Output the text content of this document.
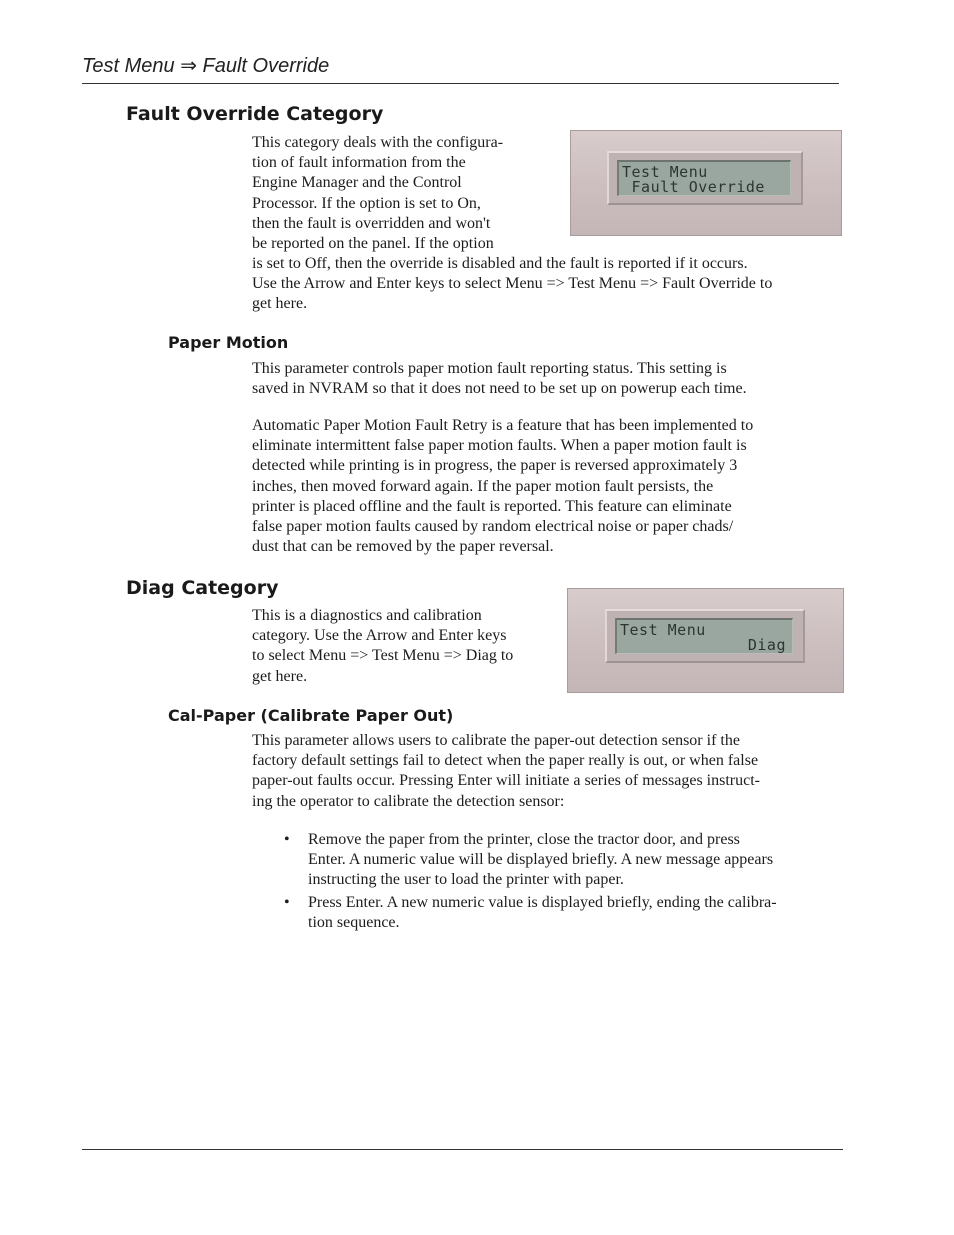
Test Menu ⇒ Fault Override
Fault Override Category

This category deals with the configura-

tion of fault information from the

Engine Manager and the Control

Processor. If the option is set to On,

then the fault is overridden and won't

be reported on the panel. If the option

is set to Off, then the override is disabled and the fault is reported if it occurs.

Use the Arrow and Enter keys to select Menu => Test Menu => Fault Override to

get here.

Test Menu

Fault Override

Paper Motion

This parameter controls paper motion fault reporting status. This setting is

saved in NVRAM so that it does not need to be set up on powerup each time.

Automatic Paper Motion Fault Retry is a feature that has been implemented to

eliminate intermittent false paper motion faults. When a paper motion fault is

detected while printing is in progress, the paper is reversed approximately 3

inches, then moved forward again. If the paper motion fault persists, the

printer is placed offline and the fault is reported. This feature can eliminate

false paper motion faults caused by random electrical noise or paper chads/

dust that can be removed by the paper reversal.

Diag Category

This is a diagnostics and calibration

category. Use the Arrow and Enter keys

to select Menu => Test Menu => Diag to

get here.

Test Menu

Diag

Cal-Paper (Calibrate Paper Out)

This parameter allows users to calibrate the paper-out detection sensor if the

factory default settings fail to detect when the paper really is out, or when false

paper-out faults occur. Pressing Enter will initiate a series of messages instruct-

ing the operator to calibrate the detection sensor:

• Remove the paper from the printer, close the tractor door, and press
Enter. A numeric value will be displayed briefly. A new message appears
instructing the user to load the printer with paper.
• Press Enter. A new numeric value is displayed briefly, ending the calibra-
tion sequence.
